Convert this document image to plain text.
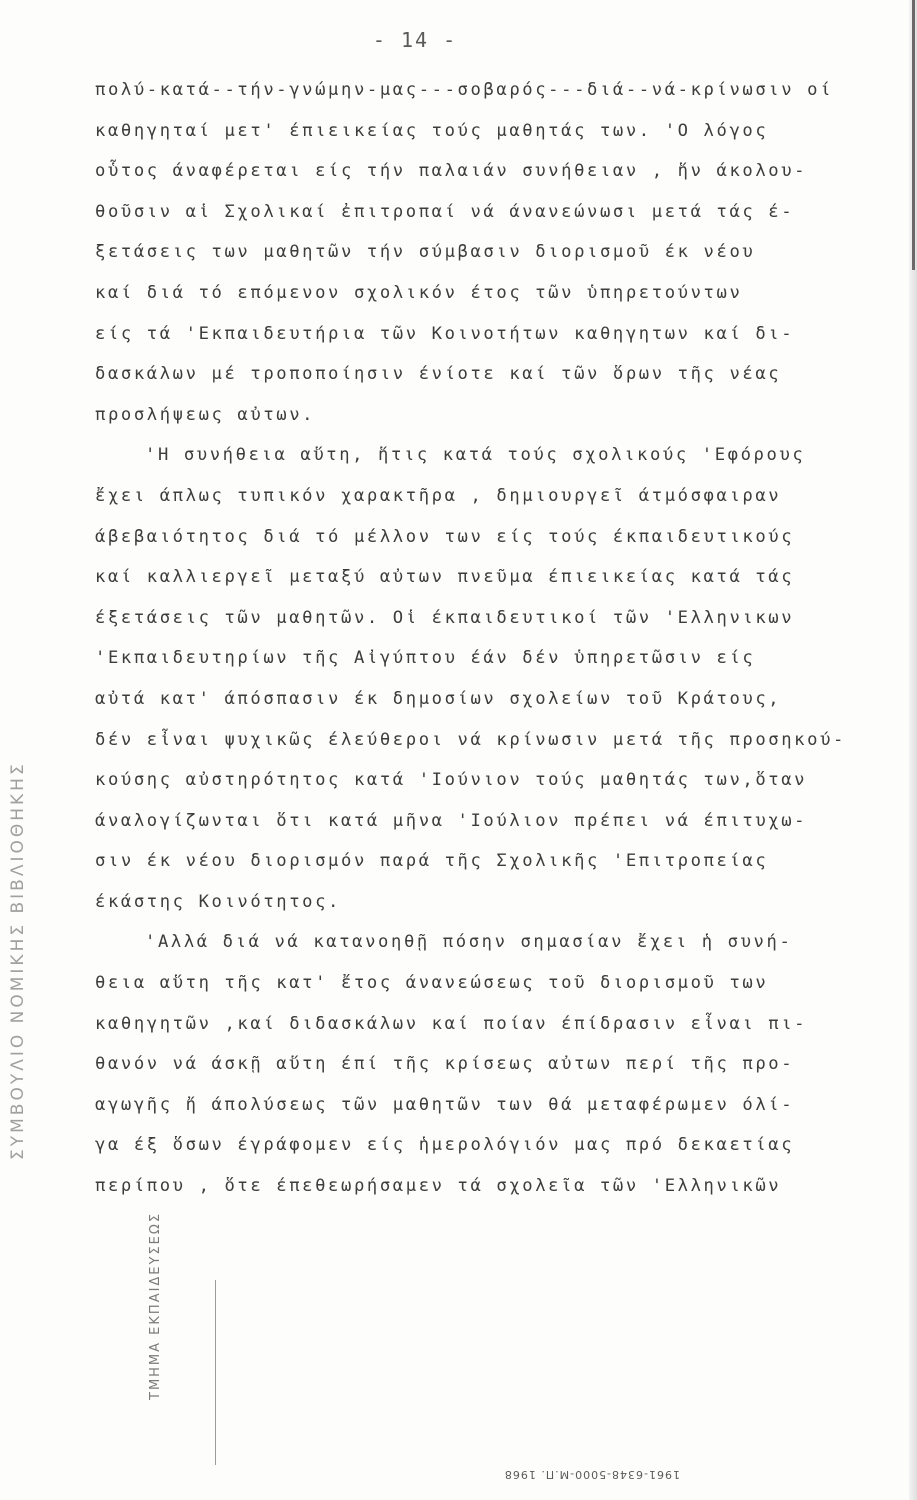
ΣΥΜΒΟΥΛΙΟ ΝΟΜΙΚΗΣ ΒΙΒΛΙΟΘΗΚΗΣ
ΤΜΗΜΑ ΕΚΠΑΙΔΕΥΣΕΩΣ
- 14 -
πολύ-κατά--τήν-γνώμην-μας---σοβαρός---διά--νά-κρίνωσιν οί
καθηγηταί μετ' έπιεικείας τούς μαθητάς των. 'Ο λόγος
οὗτος άναφέρεται είς τήν παλαιάν συνήθειαν , ἥν άκολου-
θοῦσιν αἱ Σχολικαί ἐπιτροπαί νά άνανεώνωσι μετά τάς έ-
ξετάσεις των μαθητῶν τήν σύμβασιν διορισμοῦ έκ νέου
καί διά τό επόμενον σχολικόν έτος τῶν ὑπηρετούντων
είς τά 'Εκπαιδευτήρια τῶν Κοινοτήτων καθηγητων καί δι-
δασκάλων μέ τροποποίησιν ένίοτε καί τῶν ὅρων τῆς νέας
προσλήψεως αὐτων.
'Η συνήθεια αὕτη, ἥτις κατά τούς σχολικούς 'Εφόρους
ἔχει άπλως τυπικόν χαρακτῆρα , δημιουργεῖ άτμόσφαιραν
άβεβαιότητος διά τό μέλλον των είς τούς έκπαιδευτικούς
καί καλλιεργεῖ μεταξύ αὐτων πνεῦμα έπιεικείας κατά τάς
έξετάσεις τῶν μαθητῶν. Οἱ έκπαιδευτικοί τῶν 'Ελληνικων
'Εκπαιδευτηρίων τῆς Αἰγύπτου έάν δέν ὑπηρετῶσιν είς
αὐτά κατ' άπόσπασιν έκ δημοσίων σχολείων τοῦ Κράτους,
δέν εἶναι ψυχικῶς έλεύθεροι νά κρίνωσιν μετά τῆς προσηκού-
κούσης αὐστηρότητος κατά 'Ιούνιον τούς μαθητάς των,ὅταν
άναλογίζωνται ὅτι κατά μῆνα 'Ιούλιον πρέπει νά έπιτυχω-
σιν έκ νέου διορισμόν παρά τῆς Σχολικῆς 'Επιτροπείας
έκάστης Κοινότητος.
'Αλλά διά νά κατανοηθῇ πόσην σημασίαν ἔχει ἡ συνή-
θεια αὕτη τῆς κατ' ἔτος άνανεώσεως τοῦ διορισμοῦ των
καθηγητῶν ,καί διδασκάλων καί ποίαν έπίδρασιν εἶναι πι-
θανόν νά άσκῇ αὕτη έπί τῆς κρίσεως αὐτων περί τῆς προ-
αγωγῆς ἤ άπολύσεως τῶν μαθητῶν των θά μεταφέρωμεν όλί-
γα έξ ὅσων έγράφομεν είς ἡμερολόγιόν μας πρό δεκαετίας
περίπου , ὅτε έπεθεωρήσαμεν τά σχολεῖα τῶν 'Ελληνικῶν
1961-6348-5000-Μ.Π. 1968
